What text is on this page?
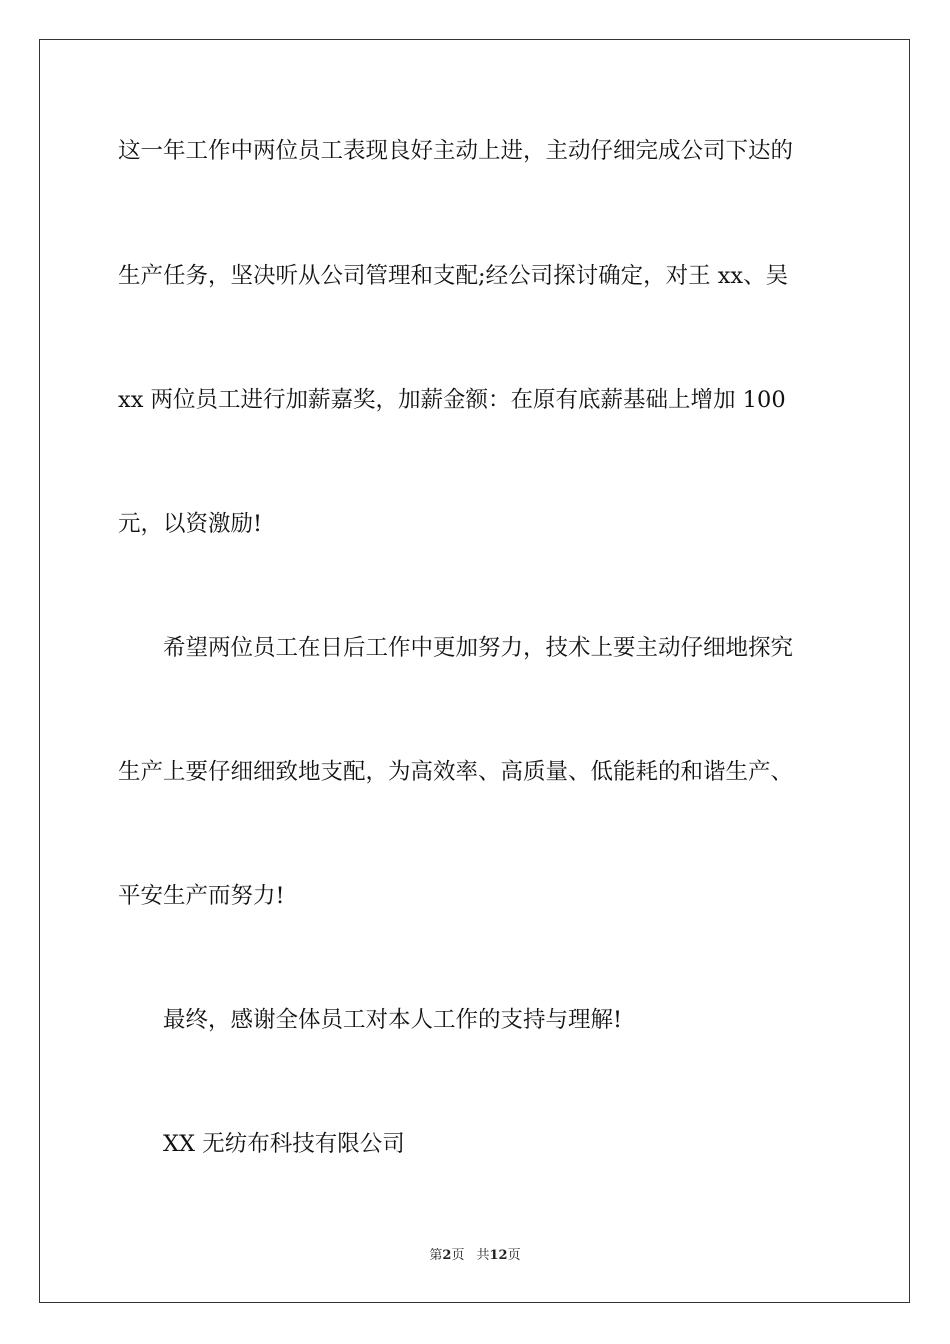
这一年工作中两位员工表现良好主动上进，主动仔细完成公司下达的
生产任务，坚决听从公司管理和支配;经公司探讨确定，对王 xx、吴
xx 两位员工进行加薪嘉奖，加薪金额：在原有底薪基础上增加 100
元，以资激励!
希望两位员工在日后工作中更加努力，技术上要主动仔细地探究
生产上要仔细细致地支配，为高效率、高质量、低能耗的和谐生产、
平安生产而努力!
最终，感谢全体员工对本人工作的支持与理解!
XX 无纺布科技有限公司
第2页 共12页
